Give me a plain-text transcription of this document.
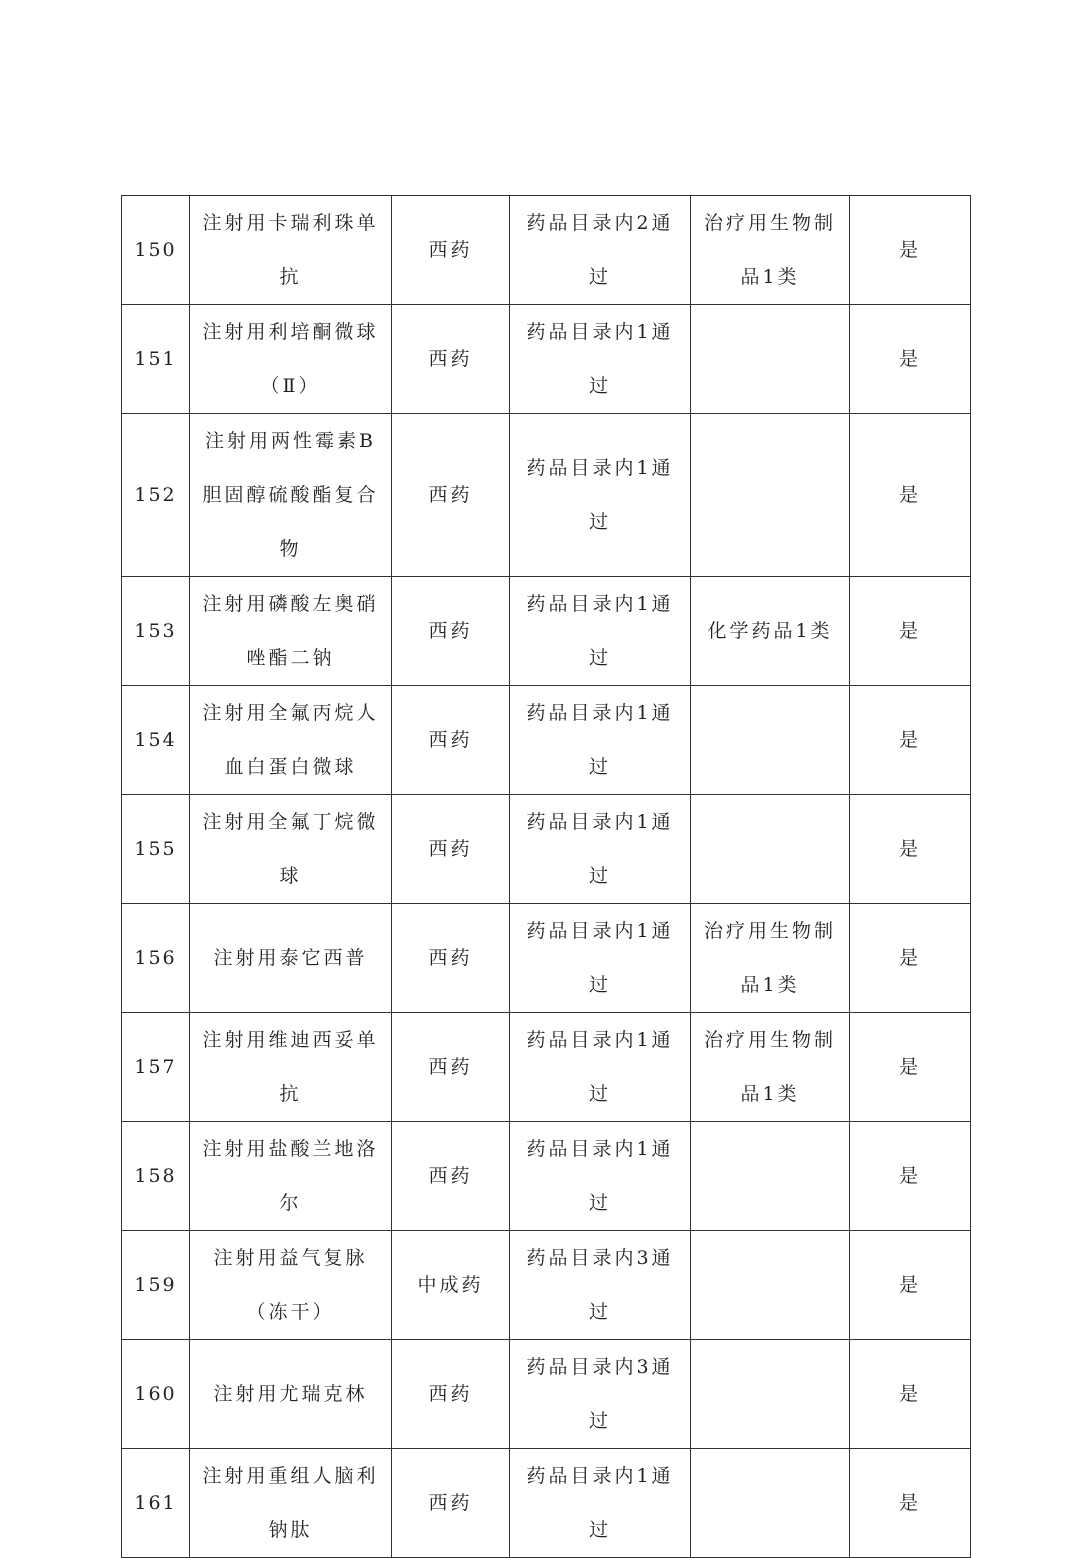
150	注射用卡瑞利珠单抗	西药	药品目录内2通过	治疗用生物制品1类	是
151	注射用利培酮微球（Ⅱ）	西药	药品目录内1通过		是
152	注射用两性霉素B胆固醇硫酸酯复合物	西药	药品目录内1通过		是
153	注射用磷酸左奥硝唑酯二钠	西药	药品目录内1通过	化学药品1类	是
154	注射用全氟丙烷人血白蛋白微球	西药	药品目录内1通过		是
155	注射用全氟丁烷微球	西药	药品目录内1通过		是
156	注射用泰它西普	西药	药品目录内1通过	治疗用生物制品1类	是
157	注射用维迪西妥单抗	西药	药品目录内1通过	治疗用生物制品1类	是
158	注射用盐酸兰地洛尔	西药	药品目录内1通过		是
159	注射用益气复脉（冻干）	中成药	药品目录内3通过		是
160	注射用尤瑞克林	西药	药品目录内3通过		是
161	注射用重组人脑利钠肽	西药	药品目录内1通过		是
